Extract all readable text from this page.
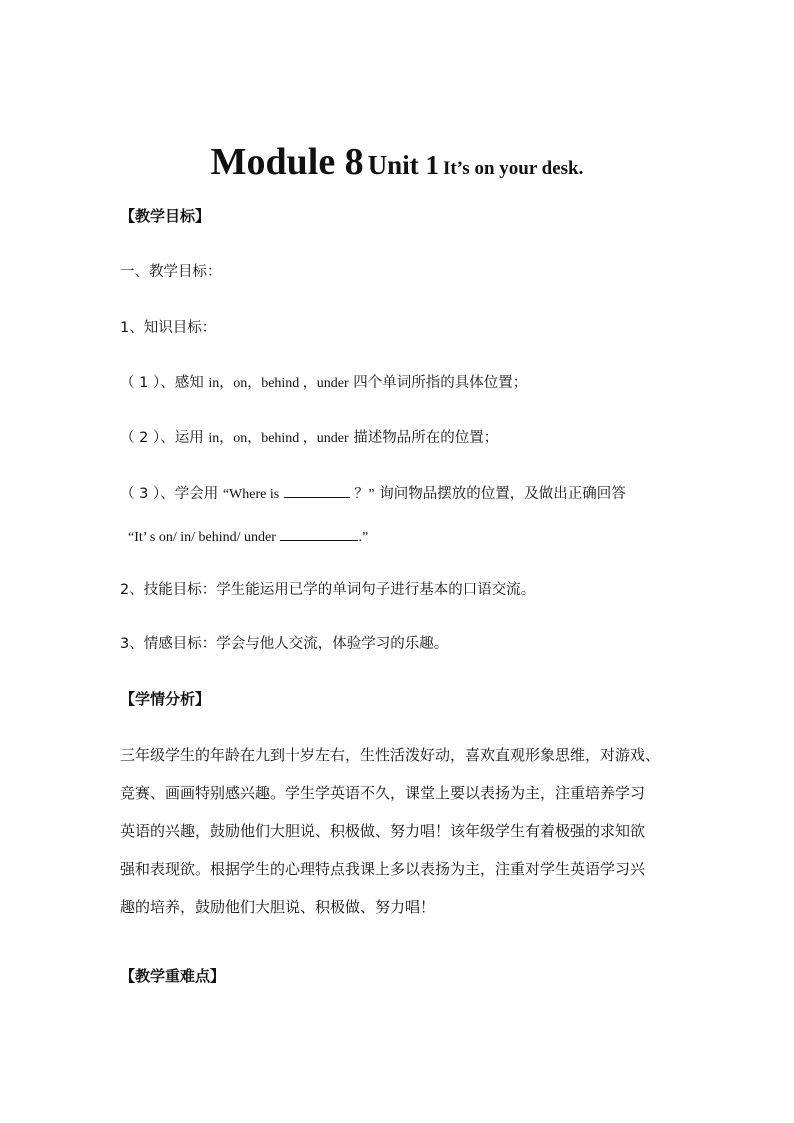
Module 8 Unit 1 It’s on your desk.
【教学目标】
一、教学目标：
1、知识目标：
（ 1 ）、感知 in，on，behind ，under 四个单词所指的具体位置；
（ 2 ）、运用 in，on，behind ，under 描述物品所在的位置；
（ 3 ）、学会用 “Where is	？” 询问物品摆放的位置，及做出正确回答
“It’ s on/ in/ behind/ under	.”
2、技能目标：学生能运用已学的单词句子进行基本的口语交流。
3、情感目标：学会与他人交流，体验学习的乐趣。
【学情分析】
三年级学生的年龄在九到十岁左右，生性活泼好动，喜欢直观形象思维，对游戏、
竞赛、画画特别感兴趣。学生学英语不久，课堂上要以表扬为主，注重培养学习
英语的兴趣，鼓励他们大胆说、积极做、努力唱！该年级学生有着极强的求知欲
强和表现欲。根据学生的心理特点我课上多以表扬为主，注重对学生英语学习兴
趣的培养，鼓励他们大胆说、积极做、努力唱！
【教学重难点】
